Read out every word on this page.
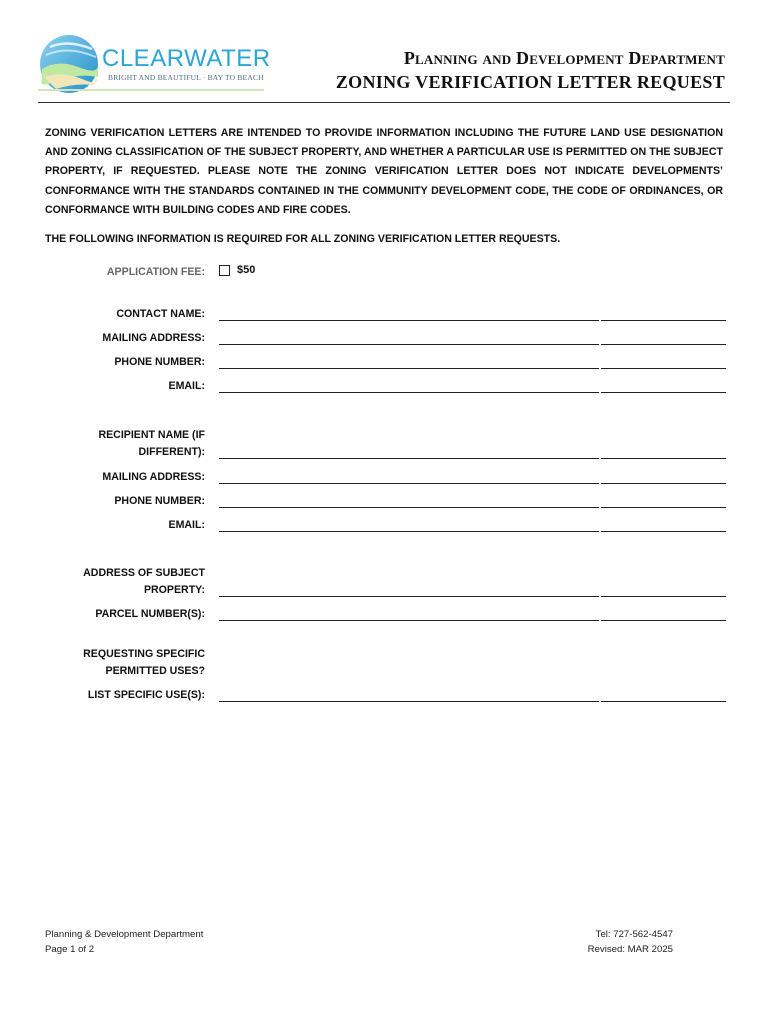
CLEARWATER
BRIGHT AND BEAUTIFUL · BAY TO BEACH
Planning and Development Department
ZONING VERIFICATION LETTER REQUEST
ZONING VERIFICATION LETTERS ARE INTENDED TO PROVIDE INFORMATION INCLUDING THE FUTURE LAND USE DESIGNATION AND ZONING CLASSIFICATION OF THE SUBJECT PROPERTY, AND WHETHER A PARTICULAR USE IS PERMITTED ON THE SUBJECT PROPERTY, IF REQUESTED. PLEASE NOTE THE ZONING VERIFICATION LETTER DOES NOT INDICATE DEVELOPMENTS’ CONFORMANCE WITH THE STANDARDS CONTAINED IN THE COMMUNITY DEVELOPMENT CODE, THE CODE OF ORDINANCES, OR CONFORMANCE WITH BUILDING CODES AND FIRE CODES.
THE FOLLOWING INFORMATION IS REQUIRED FOR ALL ZONING VERIFICATION LETTER REQUESTS.
APPLICATION FEE:	$50
CONTACT NAME:
MAILING ADDRESS:
PHONE NUMBER:
EMAIL:
RECIPIENT NAME (IF
DIFFERENT):
MAILING ADDRESS:
PHONE NUMBER:
EMAIL:
ADDRESS OF SUBJECT
PROPERTY:
PARCEL NUMBER(S):
REQUESTING SPECIFIC
PERMITTED USES?
LIST SPECIFIC USE(S):
Planning & Development Department
Page 1 of 2
Tel: 727-562-4547
Revised: MAR 2025
